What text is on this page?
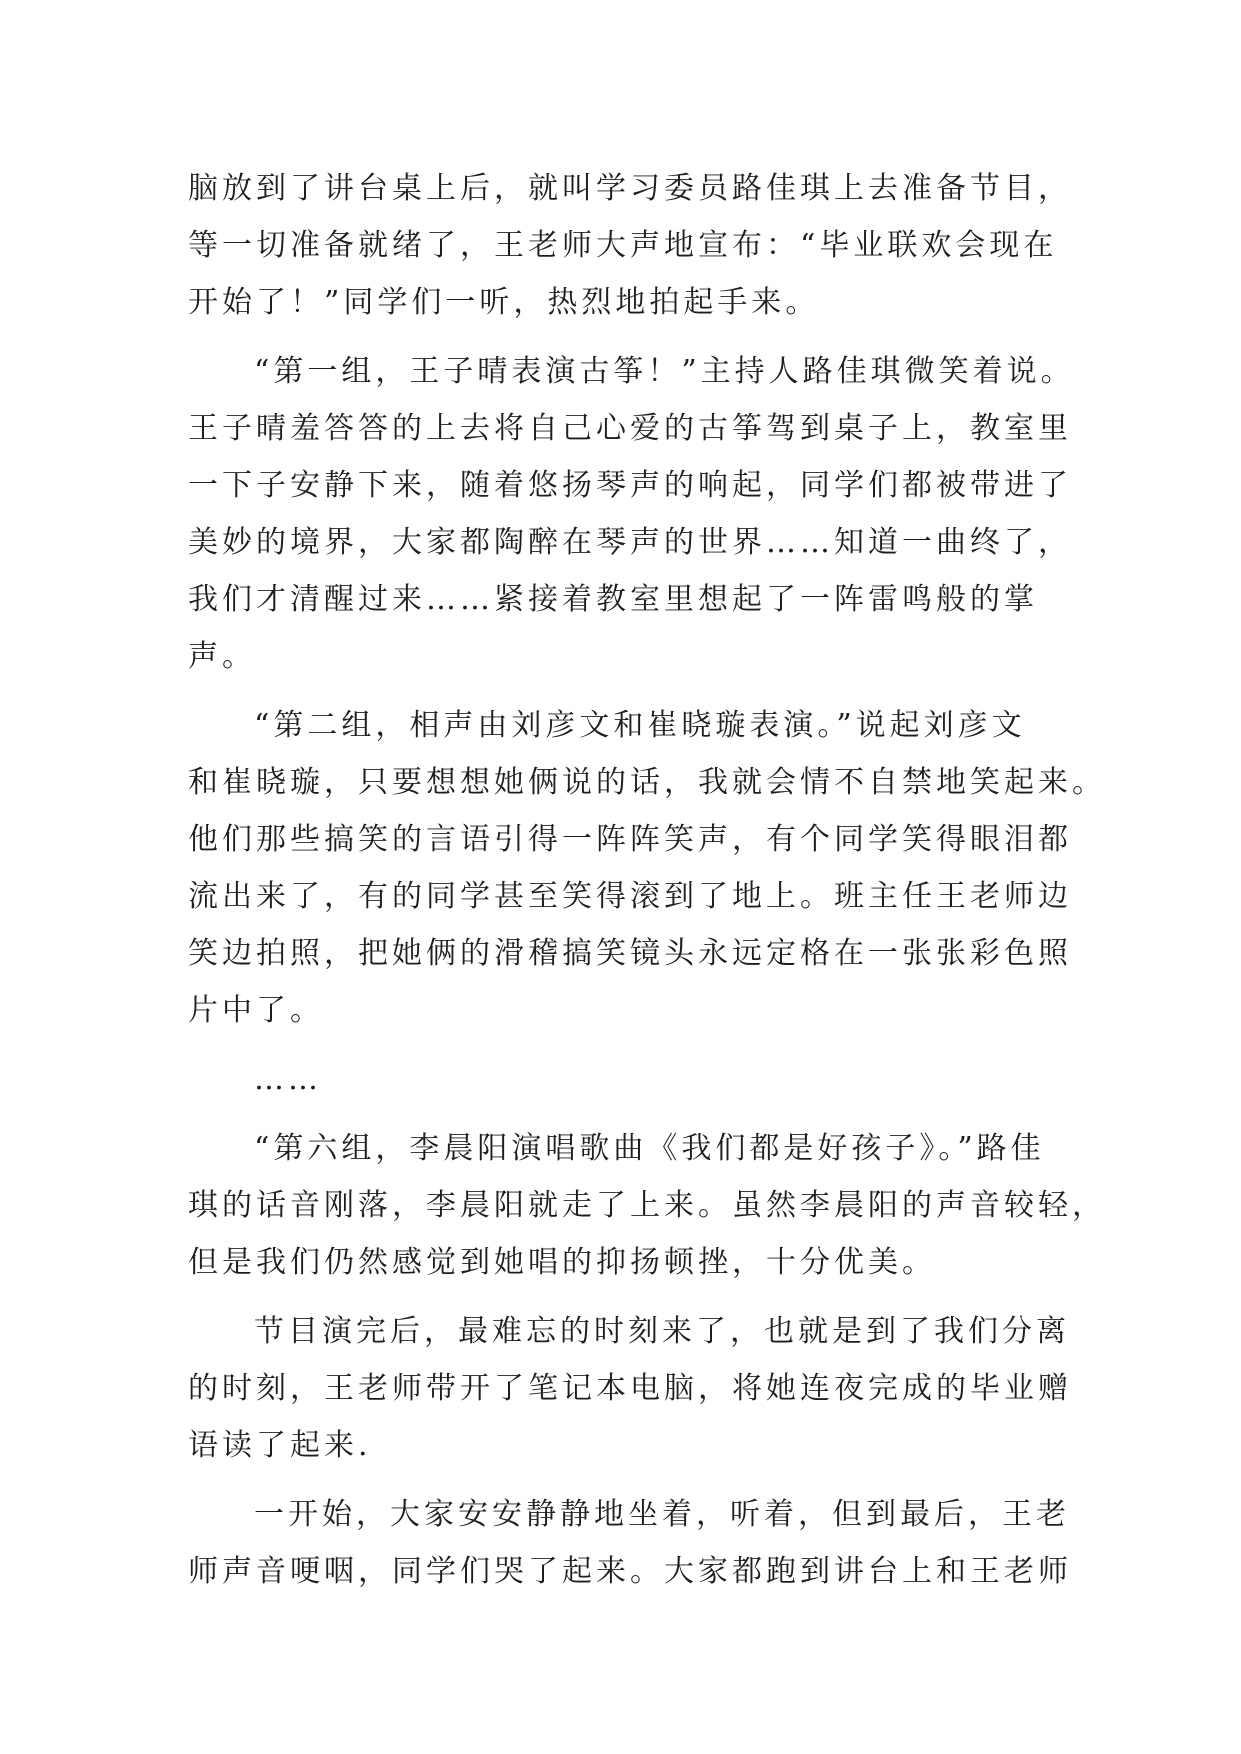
脑放到了讲台桌上后，就叫学习委员路佳琪上去准备节目，
等一切准备就绪了，王老师大声地宣布：“毕业联欢会现在
开始了！”同学们一听，热烈地拍起手来。
“第一组，王子晴表演古筝！”主持人路佳琪微笑着说。
王子晴羞答答的上去将自己心爱的古筝驾到桌子上，教室里
一下子安静下来，随着悠扬琴声的响起，同学们都被带进了
美妙的境界，大家都陶醉在琴声的世界……知道一曲终了，
我们才清醒过来……紧接着教室里想起了一阵雷鸣般的掌
声。
“第二组，相声由刘彦文和崔晓璇表演。”说起刘彦文
和崔晓璇，只要想想她俩说的话，我就会情不自禁地笑起来。
他们那些搞笑的言语引得一阵阵笑声，有个同学笑得眼泪都
流出来了，有的同学甚至笑得滚到了地上。班主任王老师边
笑边拍照，把她俩的滑稽搞笑镜头永远定格在一张张彩色照
片中了。
……
“第六组，李晨阳演唱歌曲《我们都是好孩子》。”路佳
琪的话音刚落，李晨阳就走了上来。虽然李晨阳的声音较轻，
但是我们仍然感觉到她唱的抑扬顿挫，十分优美。
节目演完后，最难忘的时刻来了，也就是到了我们分离
的时刻，王老师带开了笔记本电脑，将她连夜完成的毕业赠
语读了起来.
一开始，大家安安静静地坐着，听着，但到最后，王老
师声音哽咽，同学们哭了起来。大家都跑到讲台上和王老师
